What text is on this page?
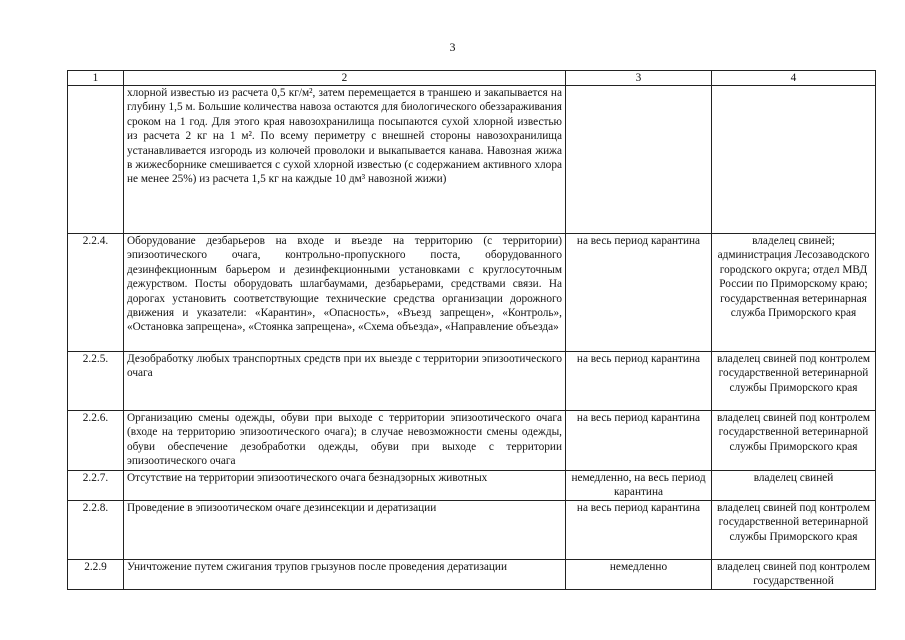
3
1	2	3	4
	хлорной известью из расчета 0,5 кг/м², затем перемещается в траншею и закапывается на глубину 1,5 м. Большие количества навоза остаются для биологического обеззараживания сроком на 1 год. Для этого края навозохранилища посыпаются сухой хлорной известью из расчета 2 кг на 1 м². По всему периметру с внешней стороны навозохранилища устанавливается изгородь из колючей проволоки и выкапывается канава. Навозная жижа в жижесборнике смешивается с сухой хлорной известью (с содержанием активного хлора не менее 25%) из расчета 1,5 кг на каждые 10 дм³ навозной жижи)		
2.2.4.	Оборудование дезбарьеров на входе и въезде на территорию (с территории) эпизоотического очага, контрольно-пропускного поста, оборудованного дезинфекционным барьером и дезинфекционными установками с круглосуточным дежурством. Посты оборудовать шлагбаумами, дезбарьерами, средствами связи. На дорогах установить соответствующие технические средства организации дорожного движения и указатели: «Карантин», «Опасность», «Въезд запрещен», «Контроль», «Остановка запрещена», «Стоянка запрещена», «Схема объезда», «Направление объезда»	на весь период карантина	владелец свиней; администрация Лесозаводского городского округа; отдел МВД России по Приморскому краю; государственная ветеринарная служба Приморского края
2.2.5.	Дезобработку любых транспортных средств при их выезде с территории эпизоотического очага	на весь период карантина	владелец свиней под контролем государственной ветеринарной службы Приморского края
2.2.6.	Организацию смены одежды, обуви при выходе с территории эпизоотического очага (входе на территорию эпизоотического очага); в случае невозможности смены одежды, обуви обеспечение дезобработки одежды, обуви при выходе с территории эпизоотического очага	на весь период карантина	владелец свиней под контролем государственной ветеринарной службы Приморского края
2.2.7.	Отсутствие на территории эпизоотического очага безнадзорных животных	немедленно, на весь период карантина	владелец свиней
2.2.8.	Проведение в эпизоотическом очаге дезинсекции и дератизации	на весь период карантина	владелец свиней под контролем государственной ветеринарной службы Приморского края
2.2.9	Уничтожение путем сжигания трупов грызунов после проведения дератизации	немедленно	владелец свиней под контролем государственной
